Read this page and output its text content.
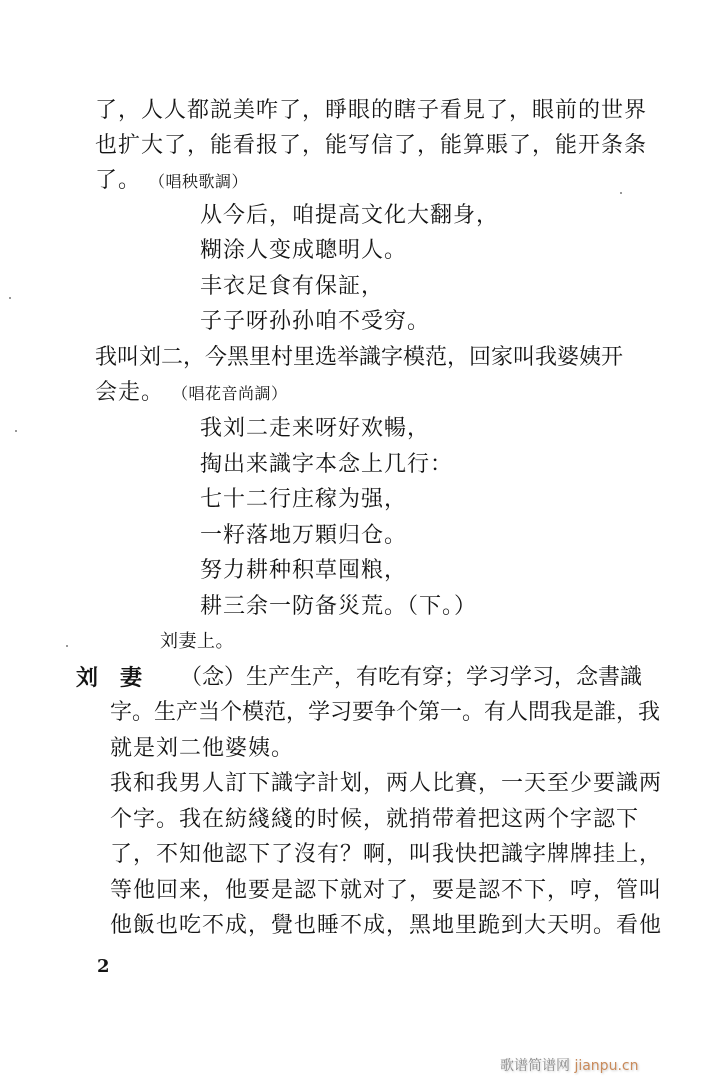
了，人人都説美咋了，睜眼的瞎子看見了，眼前的世界
也扩大了，能看报了，能写信了，能算賬了，能开条条
了。 （唱秧歌調）
从今后，咱提高文化大翻身，
糊涂人变成聰明人。
丰衣足食有保証，
子子呀孙孙咱不受穷。
我叫刘二，今黑里村里选举識字模范，回家叫我婆姨开
会走。 （唱花音尚調）
我刘二走来呀好欢暢，
掏出来識字本念上几行：
七十二行庄稼为强，
一籽落地万顆归仓。
努力耕种积草囤粮，
耕三余一防备災荒。（下。）
刘妻上。
刘　妻 （念）生产生产，有吃有穿；学习学习，念書識
字。生产当个模范，学习要争个第一。有人問我是誰，我
就是刘二他婆姨。
我和我男人訂下識字計划，两人比賽，一天至少要識两
个字。我在紡綫綫的时候，就捎带着把这两个字認下
了，不知他認下了沒有？啊，叫我快把識字牌牌挂上，
等他回来，他要是認下就对了，要是認不下，哼，管叫
他飯也吃不成，覺也睡不成，黑地里跪到大天明。看他
2
歌谱简谱网 jianpu.cn
